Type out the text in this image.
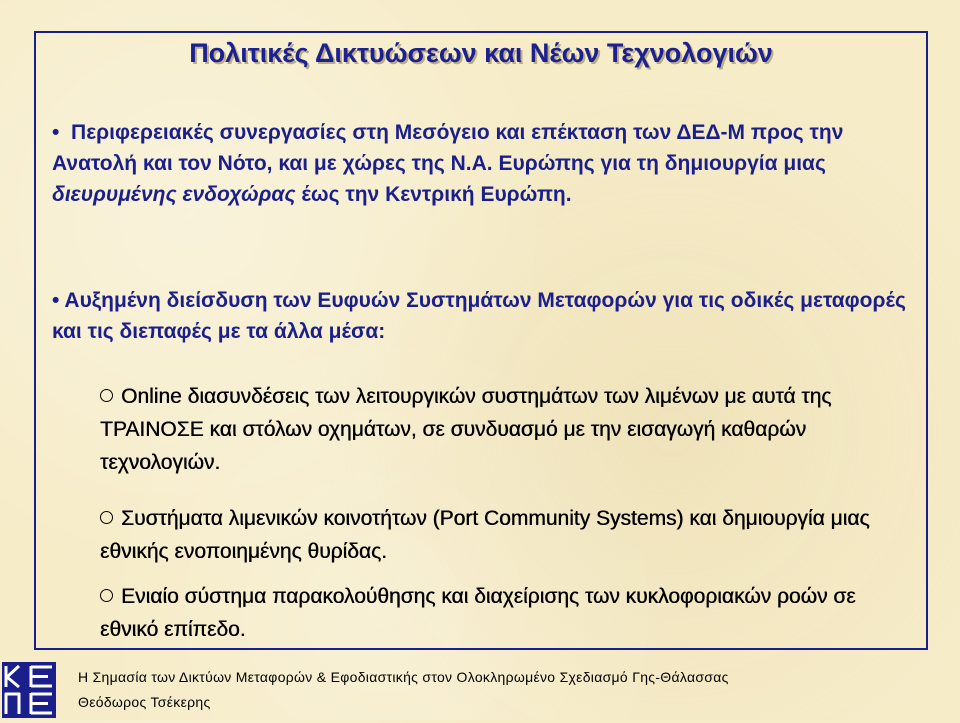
Πολιτικές Δικτυώσεων και Νέων Τεχνολογιών
• Περιφερειακές συνεργασίες στη Μεσόγειο και επέκταση των ΔΕΔ-Μ προς την Ανατολή και τον Νότο, και με χώρες της Ν.Α. Ευρώπης για τη δημιουργία μιας διευρυμένης ενδοχώρας έως την Κεντρική Ευρώπη.
• Αυξημένη διείσδυση των Ευφυών Συστημάτων Μεταφορών για τις οδικές μεταφορές και τις διεπαφές με τα άλλα μέσα:
Online διασυνδέσεις των λειτουργικών συστημάτων των λιμένων με αυτά της ΤΡΑΙΝΟΣΕ και στόλων οχημάτων, σε συνδυασμό με την εισαγωγή καθαρών τεχνολογιών.
Συστήματα λιμενικών κοινοτήτων (Port Community Systems) και δημιουργία μιας εθνικής ενοποιημένης θυρίδας.
Ενιαίο σύστημα παρακολούθησης και διαχείρισης των κυκλοφοριακών ροών σε εθνικό επίπεδο.
Η Σημασία των Δικτύων Μεταφορών & Εφοδιαστικής στον Ολοκληρωμένο Σχεδιασμό Γης-Θάλασσας
Θεόδωρος Τσέκερης
